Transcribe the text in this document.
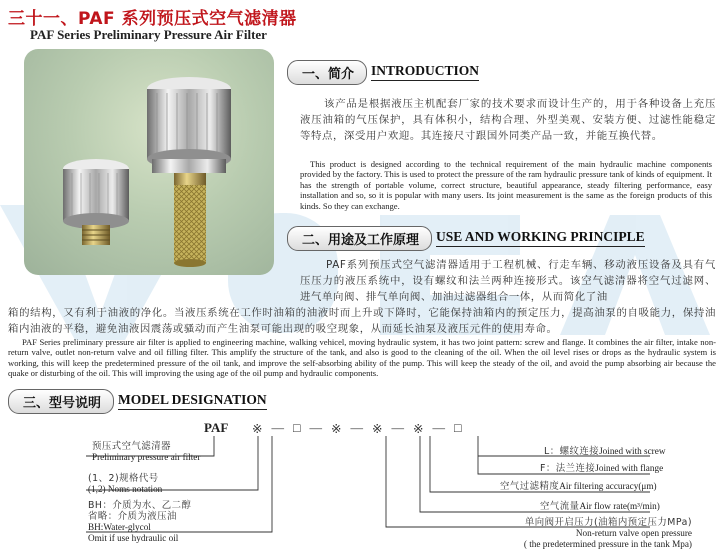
三十一、PAF 系列预压式空气滤清器
PAF Series Preliminary Pressure Air Filter
一、简介	INTRODUCTION
该产品是根据液压主机配套厂家的技术要求而设计生产的，用于各种设备上充压液压油箱的气压保护，具有体积小，结构合理、外型美观、安装方便、过滤性能稳定等特点，深受用户欢迎。其连接尺寸跟国外同类产品一致，并能互换代替。
This product is designed according to the technical requirement of the main hydraulic machine components provided by the factory. This is used to protect the pressure of the ram hydraulic pressure tank of kinds of equipment. It has the strength of portable volume, correct structure, beautiful appearance, steady filtering performance, easy installation and so, so it is popular with many users. Its joint measurement is the same as the foreign products of this kinds. So they can exchange.
二、用途及工作原理	USE AND WORKING PRINCIPLE
PAF系列预压式空气滤清器适用于工程机械、行走车辆、移动液压设备及具有气压压力的液压系统中，设有螺纹和法兰两种连接形式。该空气滤清器将空气过滤网、进气单向阀、排气单向阀、加油过滤器组合一体，从而简化了油
箱的结构，又有利于油液的净化。当液压系统在工作时油箱的油液时而上升或下降时，它能保持油箱内的预定压力，提高油泵的自吸能力，保持油箱内油液的平稳，避免油液因震荡或骚动而产生油泵可能出现的吸空现象，从而延长油泵及液压元件的使用寿命。
PAF Series preliminary pressure air filter is applied to engineering machine, walking vehicel, moving hydraulic system, it has two joint pattern: screw and flange. It combines the air filter, intake non-return valve, outlet non-return valve and oil filling filter. This amplify the structure of the tank, and also is good to the cleaning of the oil. When the oil level rises or drops as the hydraulic system is working, this will keep the predetermined pressure of the oil tank, and improve the self-absorbing ability of the pump. This will keep the steady of the oil, and avoid the pump absorbing air because the quake or disturbing of the oil. This will improving the using age of the oil pump and hydraulic components.
三、型号说明	MODEL DESIGNATION
PAF ※ — □ — ※ — ※ — ※ — □
预压式空气滤清器
Preliminary pressure air filter
(1、2)规格代号
(1,2) Noms notation
BH：介质为水、乙二醇
省略：介质为液压油
BH:Water-glycol
Omit if use hydraulic oil
L：螺纹连接Joined with screw
F：法兰连接Joined with flange
空气过滤精度Air filtering accuracy(μm)
空气流量Air flow rate(m³/min)
单向阀开启压力(油箱内预定压力MPa)
Non-return valve open pressure
( the predetermined pressure in the tank Mpa)
